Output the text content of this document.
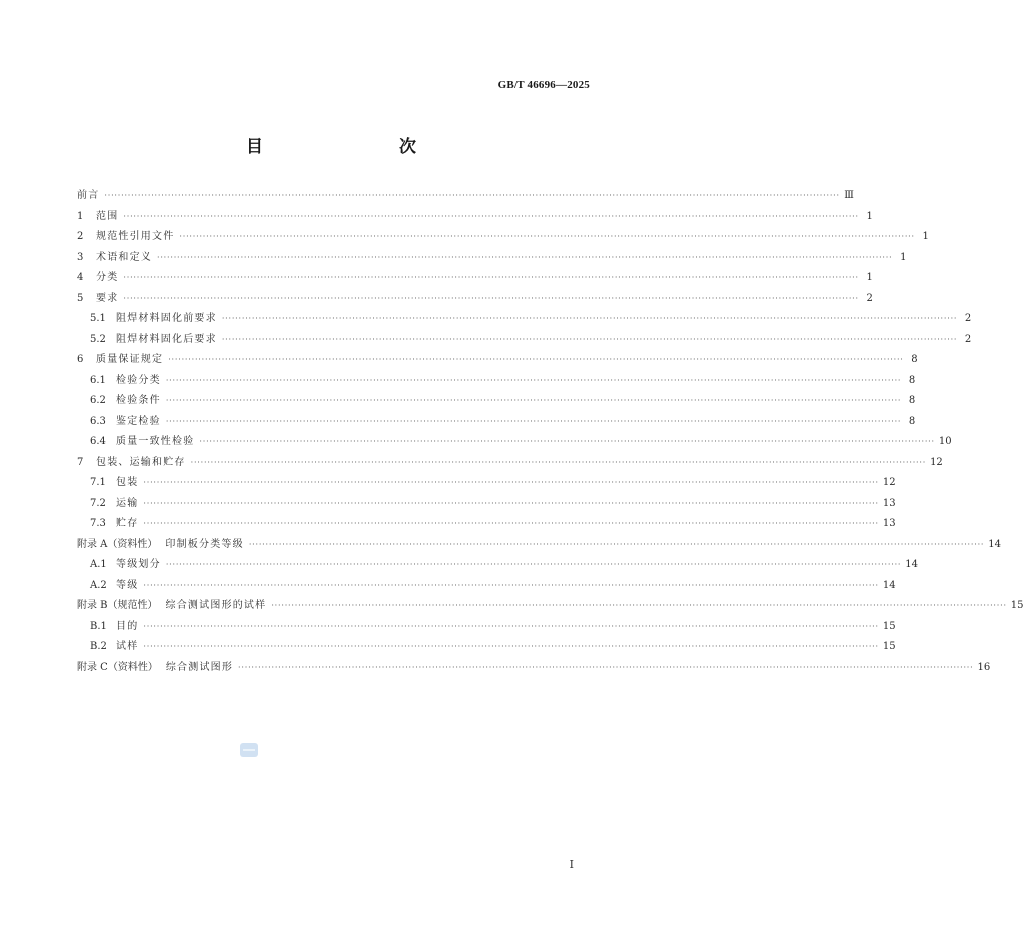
GB/T 46696—2025
目　　次
前言 ···························································································································································································································· Ⅲ
1	范围 ···························································································································································································································· 1
2	规范性引用文件 ···························································································································································································································· 1
3	术语和定义 ···························································································································································································································· 1
4	分类 ···························································································································································································································· 1
5	要求 ···························································································································································································································· 2
5.1	阻焊材料固化前要求 ···························································································································································································································· 2
5.2	阻焊材料固化后要求 ···························································································································································································································· 2
6	质量保证规定 ···························································································································································································································· 8
6.1	检验分类 ···························································································································································································································· 8
6.2	检验条件 ···························································································································································································································· 8
6.3	鉴定检验 ···························································································································································································································· 8
6.4	质量一致性检验 ···························································································································································································································· 10
7	包装、运输和贮存 ···························································································································································································································· 12
7.1	包装 ···························································································································································································································· 12
7.2	运输 ···························································································································································································································· 13
7.3	贮存 ···························································································································································································································· 13
附录 A（资料性） 印制板分类等级 ···························································································································································································································· 14
A.1 等级划分 ···························································································································································································································· 14
A.2 等级 ···························································································································································································································· 14
附录 B（规范性） 综合测试图形的试样 ···························································································································································································································· 15
B.1 目的 ···························································································································································································································· 15
B.2 试样 ···························································································································································································································· 15
附录 C（资料性） 综合测试图形 ···························································································································································································································· 16
Ⅰ
